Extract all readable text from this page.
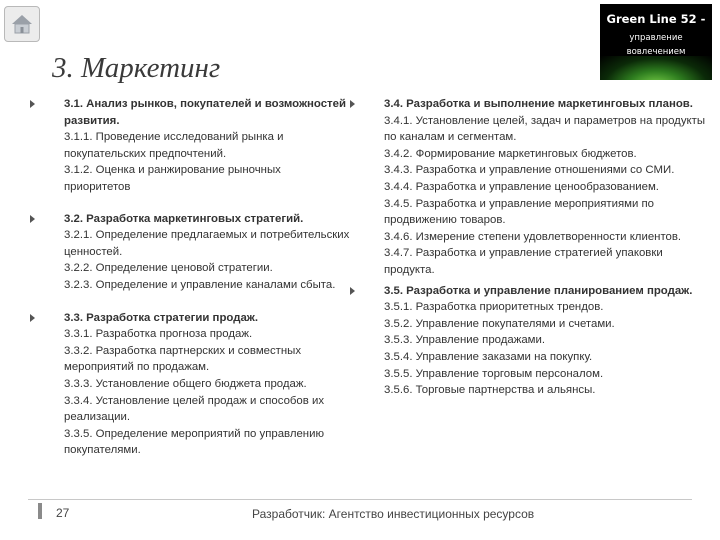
Green Line 52 -
управление
вовлечением
3. Маркетинг
3.1. Анализ рынков, покупателей и возможностей развития.
3.1.1. Проведение исследований рынка и покупательских предпочтений.
3.1.2. Оценка и ранжирование рыночных приоритетов
3.2. Разработка маркетинговых стратегий.
3.2.1. Определение предлагаемых и потребительских ценностей.
3.2.2. Определение ценовой стратегии.
3.2.3. Определение и управление каналами сбыта.
3.3. Разработка стратегии продаж.
3.3.1. Разработка прогноза продаж.
3.3.2. Разработка партнерских и совместных мероприятий по продажам.
3.3.3. Установление общего бюджета продаж.
3.3.4. Установление целей продаж и способов их реализации.
3.3.5. Определение мероприятий по управлению покупателями.
3.4. Разработка и выполнение маркетинговых планов.
3.4.1. Установление целей, задач и параметров на продукты по каналам и сегментам.
3.4.2. Формирование маркетинговых бюджетов.
3.4.3. Разработка и управление отношениями со СМИ.
3.4.4. Разработка и управление ценообразованием.
3.4.5. Разработка и управление мероприятиями по продвижению товаров.
3.4.6. Измерение степени удовлетворенности клиентов.
3.4.7. Разработка и управление стратегией упаковки продукта.
3.5. Разработка и управление планированием продаж.
3.5.1. Разработка приоритетных трендов.
3.5.2. Управление покупателями и счетами.
3.5.3. Управление продажами.
3.5.4. Управление заказами на покупку.
3.5.5. Управление торговым персоналом.
3.5.6. Торговые партнерства и альянсы.
27	Разработчик: Агентство инвестиционных ресурсов
